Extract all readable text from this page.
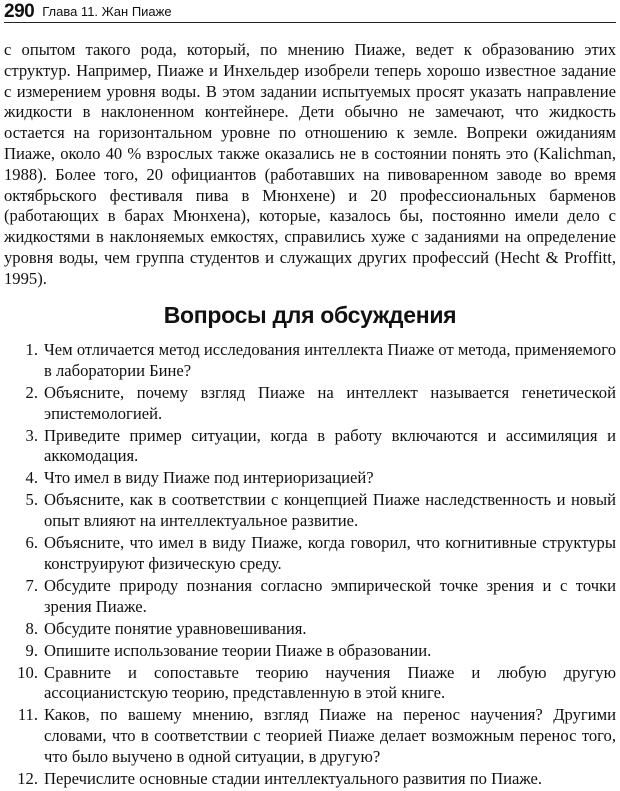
290 Глава 11. Жан Пиаже

с опытом такого рода, который, по мнению Пиаже, ведет к образованию этих структур. Например, Пиаже и Инхельдер изобрели теперь хорошо известное задание с измерением уровня воды. В этом задании испытуемых просят указать направление жидкости в наклоненном контейнере. Дети обычно не замечают, что жидкость остается на горизонтальном уровне по отношению к земле. Вопреки ожиданиям Пиаже, около 40 % взрослых также оказались не в состоянии понять это (Kalichman, 1988). Более того, 20 официантов (работавших на пивоваренном заводе во время октябрьского фестиваля пива в Мюнхене) и 20 профессиональных барменов (работающих в барах Мюнхена), которые, казалось бы, постоянно имели дело с жидкостями в наклоняемых емкостях, справились хуже с заданиями на определение уровня воды, чем группа студентов и служащих других профессий (Hecht & Proffitt, 1995).

Вопросы для обсуждения
1. Чем отличается метод исследования интеллекта Пиаже от метода, применяемого в лаборатории Бине?
2. Объясните, почему взгляд Пиаже на интеллект называется генетической эпистемологией.
3. Приведите пример ситуации, когда в работу включаются и ассимиляция и аккомодация.
4. Что имел в виду Пиаже под интериоризацией?
5. Объясните, как в соответствии с концепцией Пиаже наследственность и новый опыт влияют на интеллектуальное развитие.
6. Объясните, что имел в виду Пиаже, когда говорил, что когнитивные структуры конструируют физическую среду.
7. Обсудите природу познания согласно эмпирической точке зрения и с точки зрения Пиаже.
8. Обсудите понятие уравновешивания.
9. Опишите использование теории Пиаже в образовании.
10. Сравните и сопоставьте теорию научения Пиаже и любую другую ассоцианистскую теорию, представленную в этой книге.
11. Каков, по вашему мнению, взгляд Пиаже на перенос научения? Другими словами, что в соответствии с теорией Пиаже делает возможным перенос того, что было выучено в одной ситуации, в другую?
12. Перечислите основные стадии интеллектуального развития по Пиаже.
